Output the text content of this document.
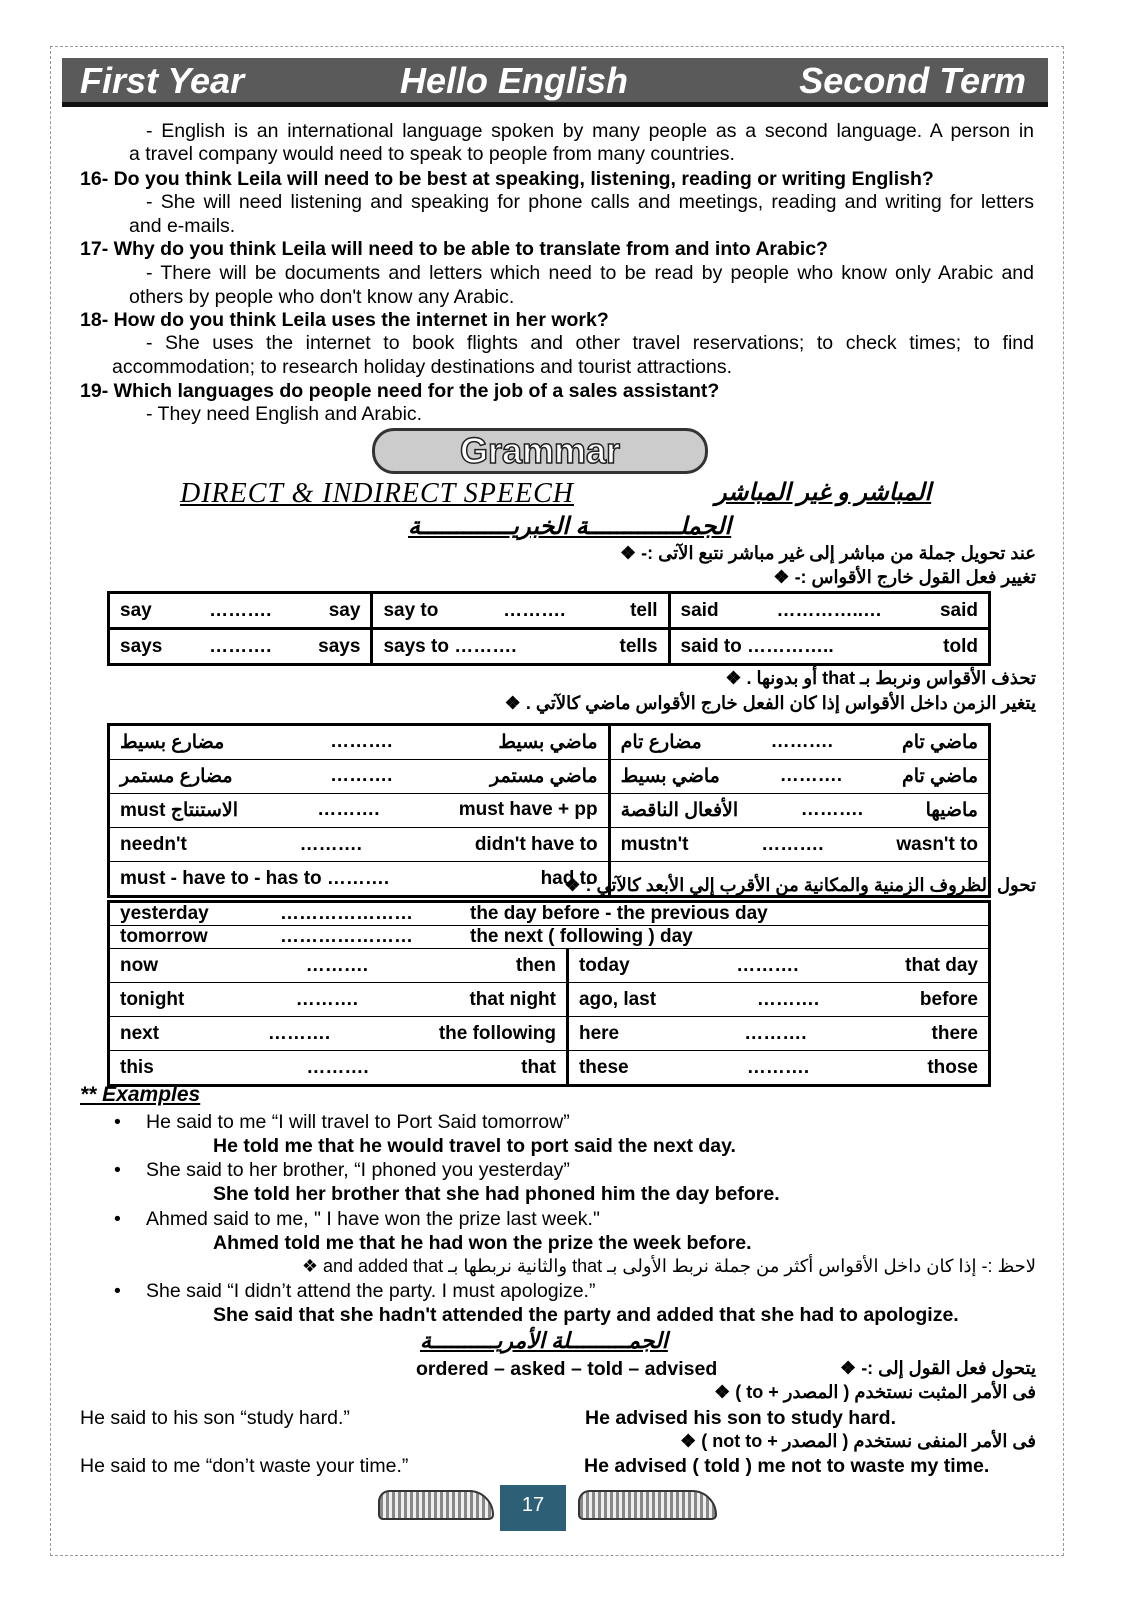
First Year	Hello English	Second Term
- English is an international language spoken by many people as a second language. A person in
a travel company would need to speak to people from many countries.
16- Do you think Leila will need to be best at speaking, listening, reading or writing English?
- She will need listening and speaking for phone calls and meetings, reading and writing for letters
and e-mails.
17- Why do you think Leila will need to be able to translate from and into Arabic?
- There will be documents and letters which need to be read by people who know only Arabic and
others by people who don't know any Arabic.
18- How do you think Leila uses the internet in her work?
- She uses the internet to book flights and other travel reservations; to check times; to find
accommodation; to research holiday destinations and tourist attractions.
19- Which languages do people need for the job of a sales assistant?
- They need English and Arabic.
Grammar
DIRECT & INDIRECT SPEECH	المباشر و غير المباشر
الجملـــــــــــــة الخبريـــــــــــــة
عند تحويل جملة من مباشر إلى غير مباشر نتبع الآتى :- ❖
تغيير فعل القول خارج الأقواس :- ❖
say ………. say	say to ………. tell	said …………..… said

says ………. says	says to ………. tells	said to ………….. told
تحذف الأقواس ونربط بـ that أو بدونها . ❖
يتغير الزمن داخل الأقواس إذا كان الفعل خارج الأقواس ماضي كالآتي . ❖
مضارع بسيط ………. ماضي بسيط	مضارع تام ………. ماضي تام

مضارع مستمر ………. ماضي مستمر	ماضي بسيط ………. ماضي تام

must الاستنتاج ………. must have + pp	الأفعال الناقصة ………. ماضيها

needn't ………. didn't have to	mustn't ………. wasn't to

must - have to - has to ………. had to	

تحول الظروف الزمنية والمكانية من الأقرب إلي الأبعد كالآتي : ❖
yesterday ………………… the day before - the previous day	

tomorrow ………………… the next ( following ) day	

now ………. then	today ………. that day

tonight ………. that night	ago, last ………. before

next ………. the following	here ………. there

this ………. that	these ………. those
** Examples
• He said to me “I will travel to Port Said tomorrow”
He told me that he would travel to port said the next day.
• She said to her brother, “I phoned you yesterday”
She told her brother that she had phoned him the day before.
• Ahmed said to me, " I have won the prize last week."
Ahmed told me that he had won the prize the week before.
لاحظ :- إذا كان داخل الأقواس أكثر من جملة نربط الأولى بـ that والثانية نربطها بـ and added that ❖
• She said “I didn’t attend the party. I must apologize.”
She said that she hadn't attended the party and added that she had to apologize.
الجمـــــــــلة الأمريــــــــــة
ordered – asked – told – advised	يتحول فعل القول إلى :- ❖
فى الأمر المثبت نستخدم ( المصدر + to ) ❖
He said to his son “study hard.”	He advised his son to study hard.
فى الأمر المنفى نستخدم ( المصدر + not to ) ❖
He said to me “don’t waste your time.”	He advised ( told ) me not to waste my time.
17
